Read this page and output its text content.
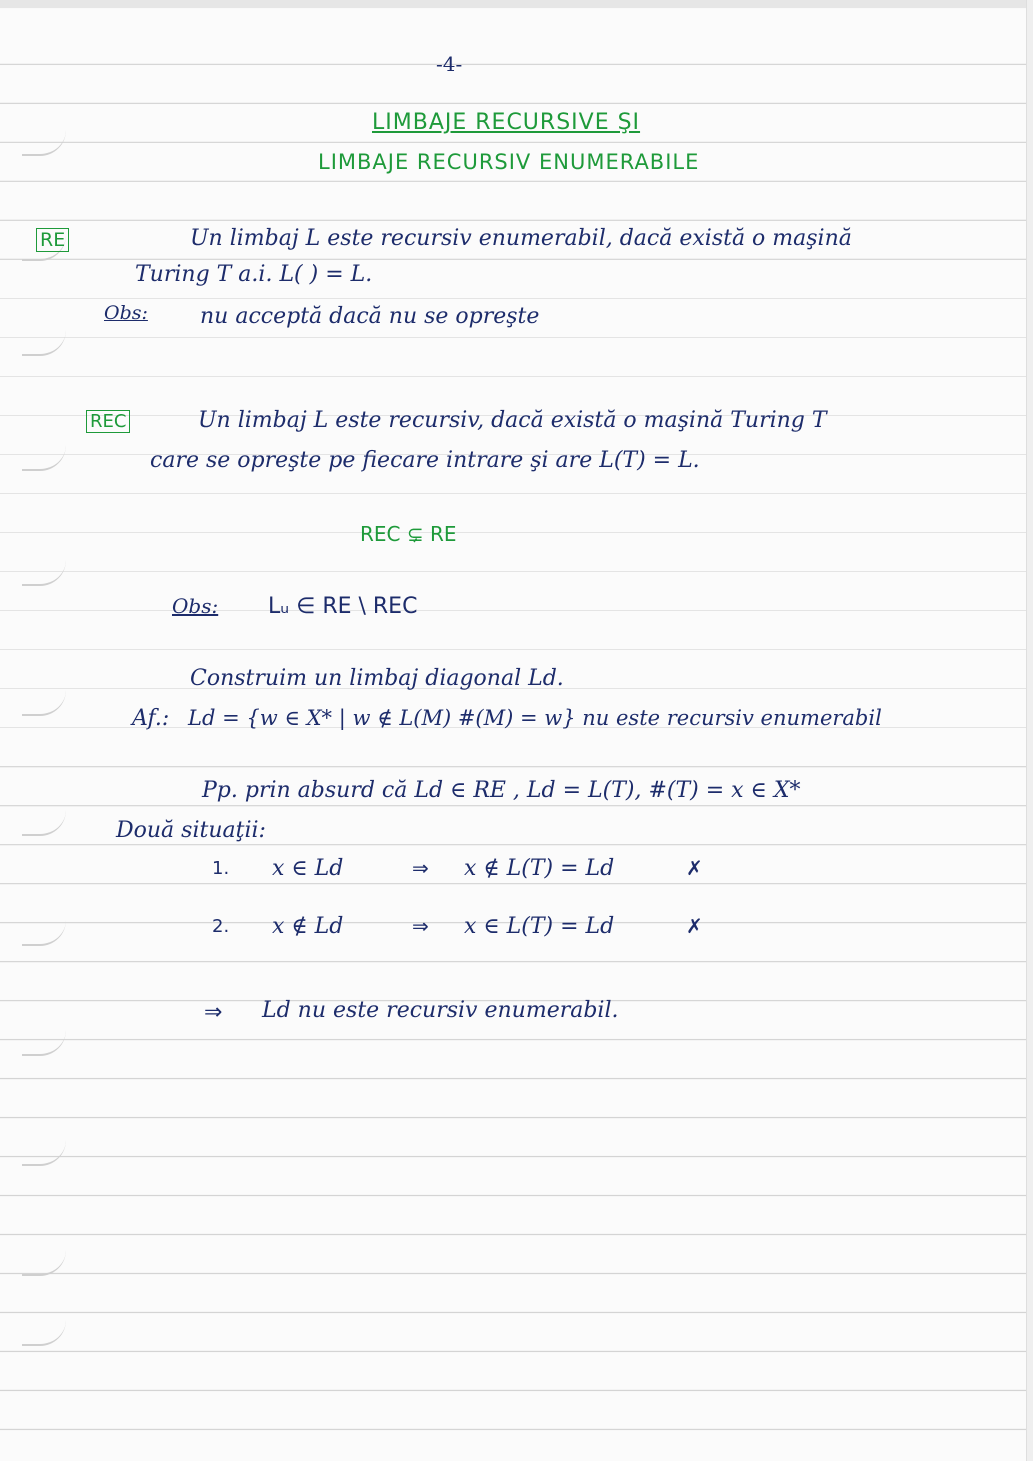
-4-
LIMBAJE RECURSIVE ŞI
LIMBAJE RECURSIV ENUMERABILE
RE	Un limbaj L este recursiv enumerabil, dacă există o maşină
Turing T a.i. L( ) = L.
Obs: nu acceptă dacă nu se opreşte
REC	Un limbaj L este recursiv, dacă există o maşină Turing T
care se opreşte pe fiecare intrare şi are L(T) = L.
REC ⊊ RE
Obs: Lᵤ ∈ RE \ REC
Construim un limbaj diagonal Ld.
Af.: Ld = {w ∈ X* | w ∉ L(M) #(M) = w} nu este recursiv enumerabil
Pp. prin absurd că Ld ∈ RE , Ld = L(T), #(T) = x ∈ X*
Două situaţii:
1. x ∈ Ld	⇒ x ∉ L(T) = Ld	✗
2. x ∉ Ld	⇒ x ∈ L(T) = Ld	✗
⇒ Ld nu este recursiv enumerabil.
